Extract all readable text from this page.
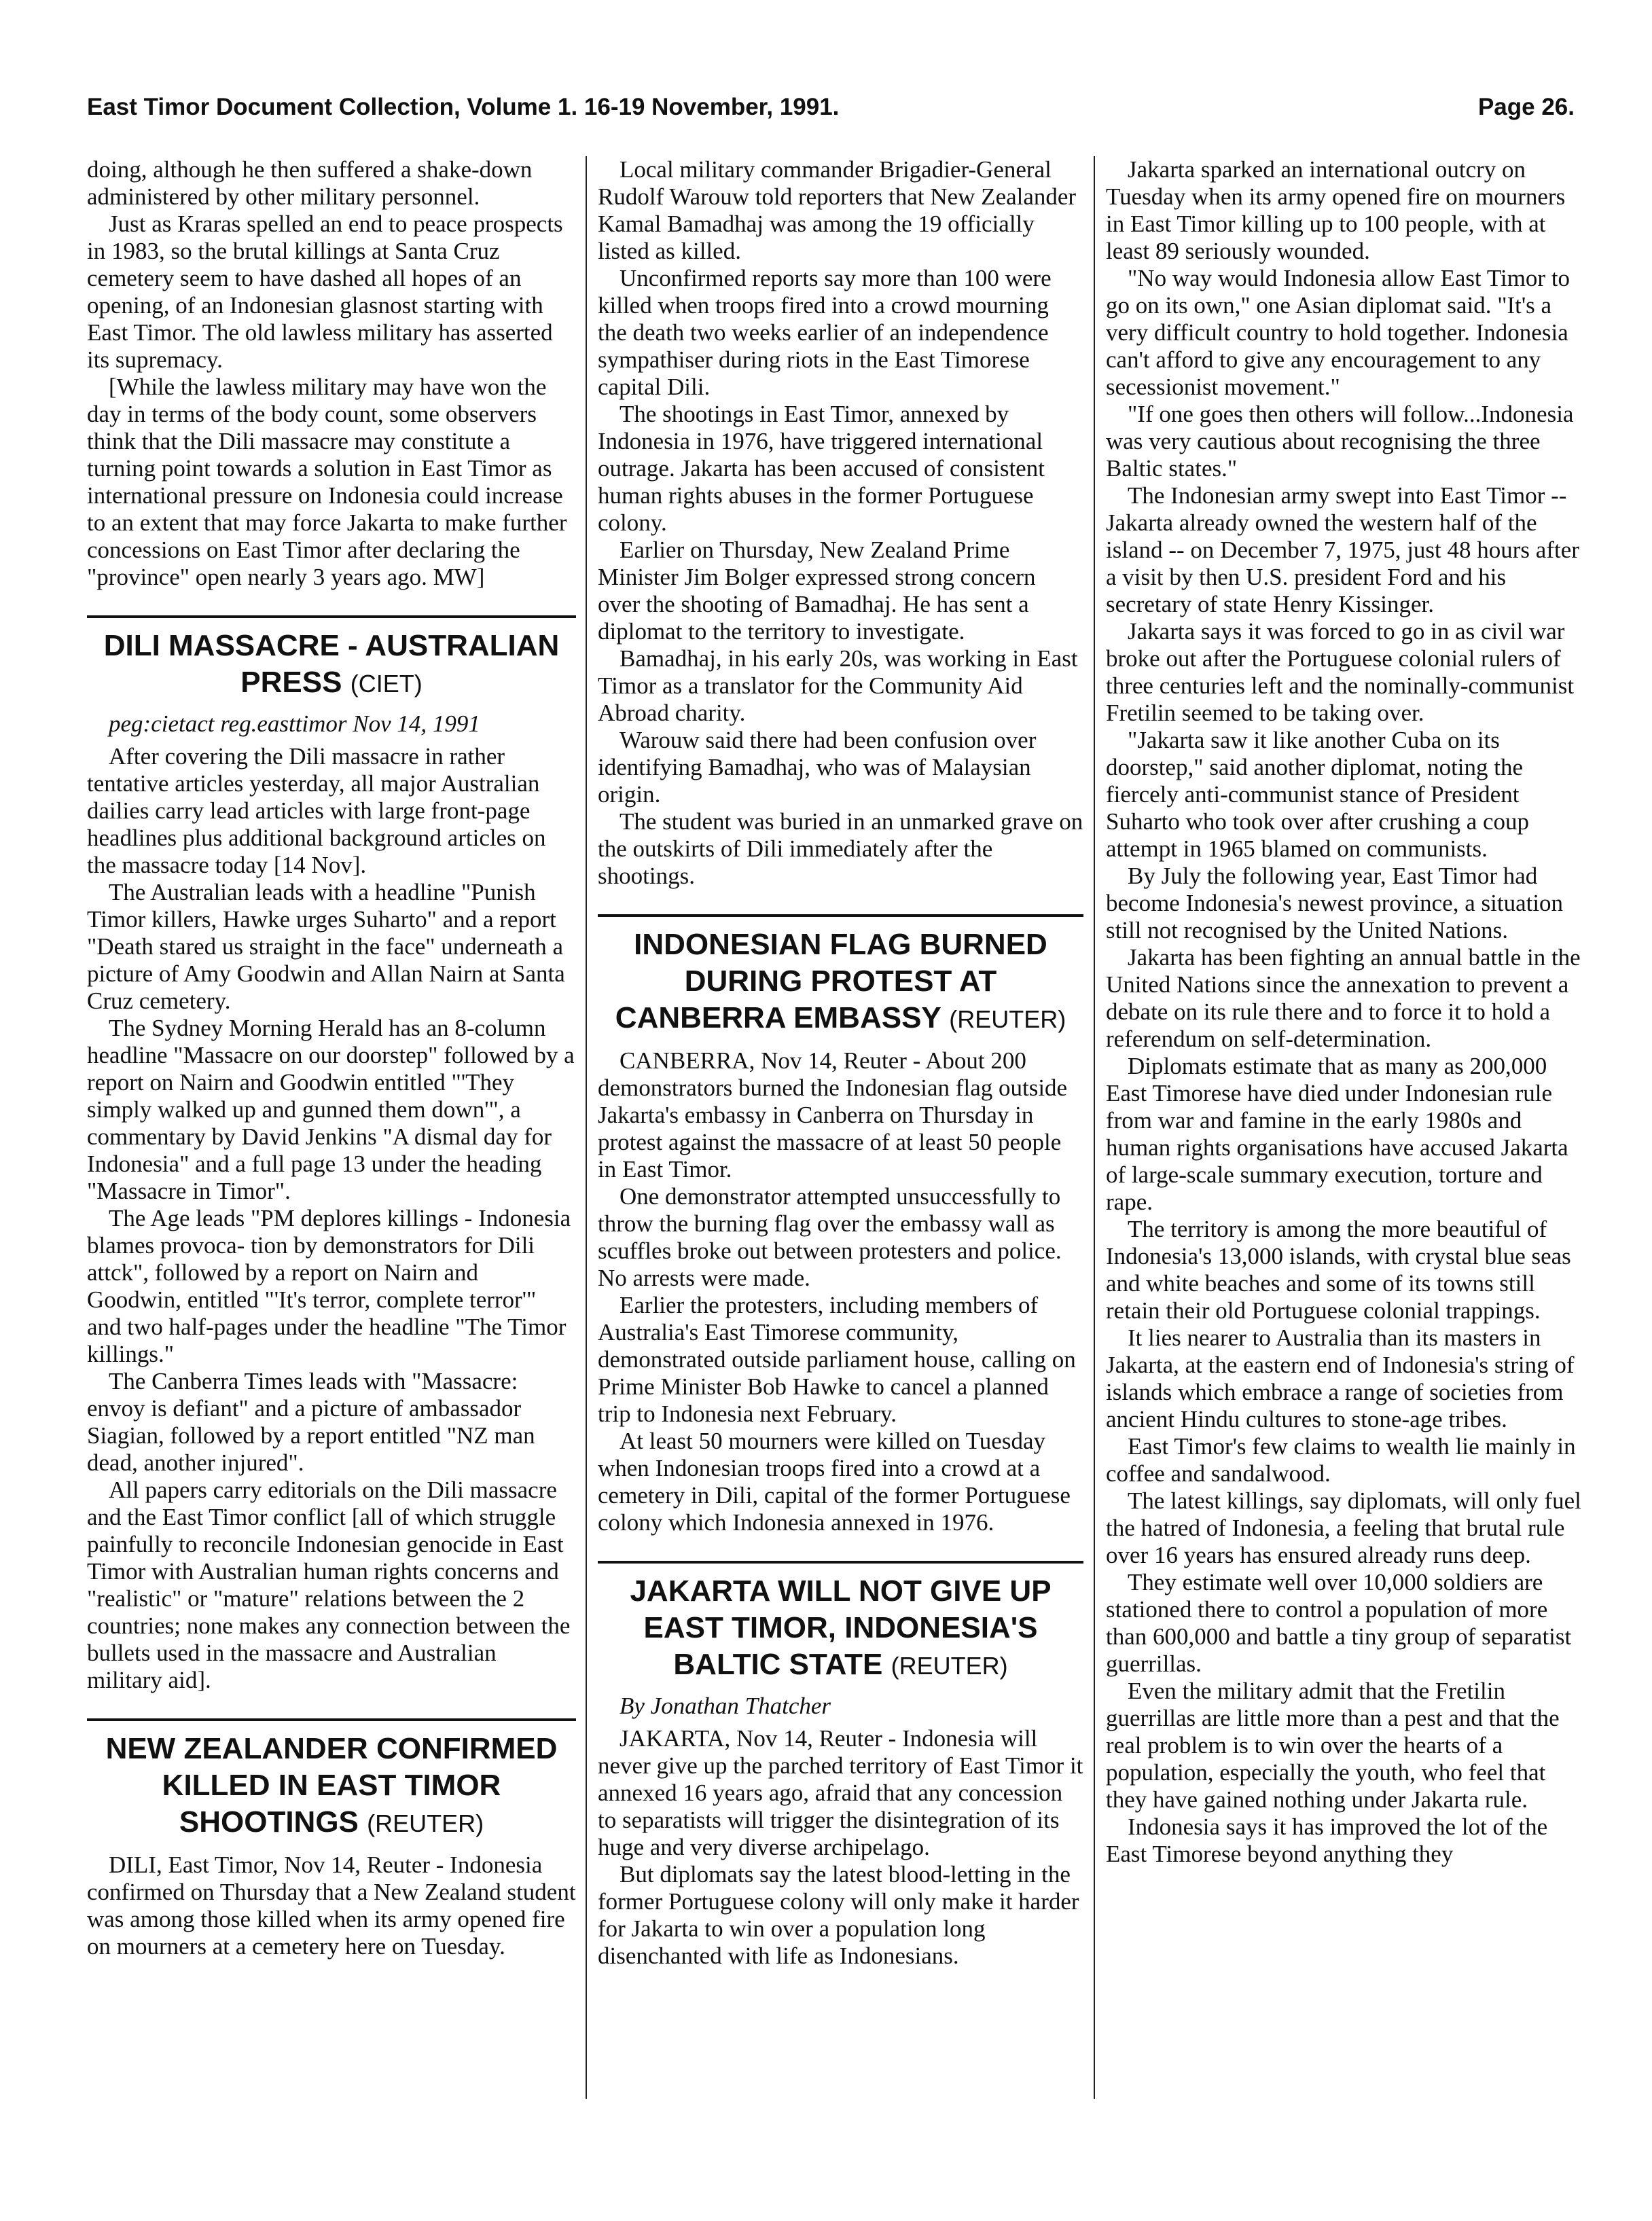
East Timor Document Collection, Volume 1. 16-19 November, 1991.	Page 26.

doing, although he then suffered a shake-down administered by other military personnel.

Just as Kraras spelled an end to peace prospects in 1983, so the brutal killings at Santa Cruz cemetery seem to have dashed all hopes of an opening, of an Indonesian glasnost starting with East Timor. The old lawless military has asserted its supremacy.

[While the lawless military may have won the day in terms of the body count, some observers think that the Dili massacre may constitute a turning point towards a solution in East Timor as international pressure on Indonesia could increase to an extent that may force Jakarta to make further concessions on East Timor after declaring the "province" open nearly 3 years ago. MW]

DILI MASSACRE - AUSTRALIAN PRESS (CIET)
peg:cietact reg.easttimor Nov 14, 1991

After covering the Dili massacre in rather tentative articles yesterday, all major Australian dailies carry lead articles with large front-page headlines plus additional background articles on the massacre today [14 Nov].

The Australian leads with a headline "Punish Timor killers, Hawke urges Suharto" and a report "Death stared us straight in the face" underneath a picture of Amy Goodwin and Allan Nairn at Santa Cruz cemetery.

The Sydney Morning Herald has an 8-column headline "Massacre on our doorstep" followed by a report on Nairn and Goodwin entitled "'They simply walked up and gunned them down'", a commentary by David Jenkins "A dismal day for Indonesia" and a full page 13 under the heading "Massacre in Timor".

The Age leads "PM deplores killings - Indonesia blames provoca- tion by demonstrators for Dili attck", followed by a report on Nairn and Goodwin, entitled "'It's terror, complete terror'" and two half-pages under the headline "The Timor killings."

The Canberra Times leads with "Massacre: envoy is defiant" and a picture of ambassador Siagian, followed by a report entitled "NZ man dead, another injured".

All papers carry editorials on the Dili massacre and the East Timor conflict [all of which struggle painfully to reconcile Indonesian genocide in East Timor with Australian human rights concerns and "realistic" or "mature" relations between the 2 countries; none makes any connection between the bullets used in the massacre and Australian military aid].

NEW ZEALANDER CONFIRMED KILLED IN EAST TIMOR SHOOTINGS (REUTER)

DILI, East Timor, Nov 14, Reuter - Indonesia confirmed on Thursday that a New Zealand student was among those killed when its army opened fire on mourners at a cemetery here on Tuesday.

Local military commander Brigadier-General Rudolf Warouw told reporters that New Zealander Kamal Bamadhaj was among the 19 officially listed as killed.

Unconfirmed reports say more than 100 were killed when troops fired into a crowd mourning the death two weeks earlier of an independence sympathiser during riots in the East Timorese capital Dili.

The shootings in East Timor, annexed by Indonesia in 1976, have triggered international outrage. Jakarta has been accused of consistent human rights abuses in the former Portuguese colony.

Earlier on Thursday, New Zealand Prime Minister Jim Bolger expressed strong concern over the shooting of Bamadhaj. He has sent a diplomat to the territory to investigate.

Bamadhaj, in his early 20s, was working in East Timor as a translator for the Community Aid Abroad charity.

Warouw said there had been confusion over identifying Bamadhaj, who was of Malaysian origin.

The student was buried in an unmarked grave on the outskirts of Dili immediately after the shootings.

INDONESIAN FLAG BURNED DURING PROTEST AT CANBERRA EMBASSY (REUTER)

CANBERRA, Nov 14, Reuter - About 200 demonstrators burned the Indonesian flag outside Jakarta's embassy in Canberra on Thursday in protest against the massacre of at least 50 people in East Timor.

One demonstrator attempted unsuccessfully to throw the burning flag over the embassy wall as scuffles broke out between protesters and police. No arrests were made.

Earlier the protesters, including members of Australia's East Timorese community, demonstrated outside parliament house, calling on Prime Minister Bob Hawke to cancel a planned trip to Indonesia next February.

At least 50 mourners were killed on Tuesday when Indonesian troops fired into a crowd at a cemetery in Dili, capital of the former Portuguese colony which Indonesia annexed in 1976.

JAKARTA WILL NOT GIVE UP EAST TIMOR, INDONESIA'S BALTIC STATE (REUTER)
By Jonathan Thatcher

JAKARTA, Nov 14, Reuter - Indonesia will never give up the parched territory of East Timor it annexed 16 years ago, afraid that any concession to separatists will trigger the disintegration of its huge and very diverse archipelago.

But diplomats say the latest blood-letting in the former Portuguese colony will only make it harder for Jakarta to win over a population long disenchanted with life as Indonesians.

Jakarta sparked an international outcry on Tuesday when its army opened fire on mourners in East Timor killing up to 100 people, with at least 89 seriously wounded.

"No way would Indonesia allow East Timor to go on its own," one Asian diplomat said. "It's a very difficult country to hold together. Indonesia can't afford to give any encouragement to any secessionist movement."

"If one goes then others will follow...Indonesia was very cautious about recognising the three Baltic states."

The Indonesian army swept into East Timor -- Jakarta already owned the western half of the island -- on December 7, 1975, just 48 hours after a visit by then U.S. president Ford and his secretary of state Henry Kissinger.

Jakarta says it was forced to go in as civil war broke out after the Portuguese colonial rulers of three centuries left and the nominally-communist Fretilin seemed to be taking over.

"Jakarta saw it like another Cuba on its doorstep," said another diplomat, noting the fiercely anti-communist stance of President Suharto who took over after crushing a coup attempt in 1965 blamed on communists.

By July the following year, East Timor had become Indonesia's newest province, a situation still not recognised by the United Nations.

Jakarta has been fighting an annual battle in the United Nations since the annexation to prevent a debate on its rule there and to force it to hold a referendum on self-determination.

Diplomats estimate that as many as 200,000 East Timorese have died under Indonesian rule from war and famine in the early 1980s and human rights organisations have accused Jakarta of large-scale summary execution, torture and rape.

The territory is among the more beautiful of Indonesia's 13,000 islands, with crystal blue seas and white beaches and some of its towns still retain their old Portuguese colonial trappings.

It lies nearer to Australia than its masters in Jakarta, at the eastern end of Indonesia's string of islands which embrace a range of societies from ancient Hindu cultures to stone-age tribes.

East Timor's few claims to wealth lie mainly in coffee and sandalwood.

The latest killings, say diplomats, will only fuel the hatred of Indonesia, a feeling that brutal rule over 16 years has ensured already runs deep.

They estimate well over 10,000 soldiers are stationed there to control a population of more than 600,000 and battle a tiny group of separatist guerrillas.

Even the military admit that the Fretilin guerrillas are little more than a pest and that the real problem is to win over the hearts of a population, especially the youth, who feel that they have gained nothing under Jakarta rule.

Indonesia says it has improved the lot of the East Timorese beyond anything they
